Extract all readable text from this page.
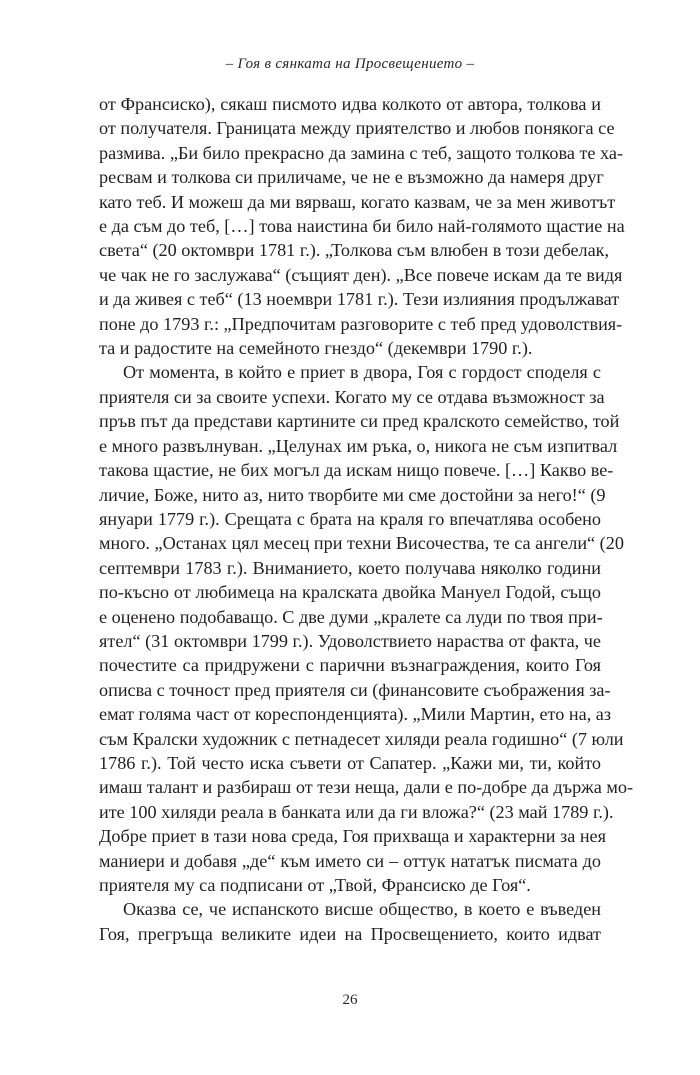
– Гоя в сянката на Просвещението –

от Франсиско), сякаш писмото идва колкото от автора, толкова и
от получателя. Границата между приятелство и любов понякога се
размива. „Би било прекрасно да замина с теб, защото толкова те ха-
ресвам и толкова си приличаме, че не е възможно да намеря друг
като теб. И можеш да ми вярваш, когато казвам, че за мен животът
е да съм до теб, […] това наистина би било най-голямото щастие на
света“ (20 октомври 1781 г.). „Толкова съм влюбен в този дебелак,
че чак не го заслужава“ (същият ден). „Все повече искам да те видя
и да живея с теб“ (13 ноември 1781 г.). Тези излияния продължават
поне до 1793 г.: „Предпочитам разговорите с теб пред удоволствия-
та и радостите на семейното гнездо“ (декември 1790 г.).

От момента, в който е приет в двора, Гоя с гордост споделя с
приятеля си за своите успехи. Когато му се отдава възможност за
пръв път да представи картините си пред кралското семейство, той
е много развълнуван. „Целунах им ръка, о, никога не съм изпитвал
такова щастие, не бих могъл да искам нищо повече. […] Какво ве-
личие, Боже, нито аз, нито творбите ми сме достойни за него!“ (9
януари 1779 г.). Срещата с брата на краля го впечатлява особено
много. „Останах цял месец при техни Височества, те са ангели“ (20
септември 1783 г.). Вниманието, което получава няколко години
по-късно от любимеца на кралската двойка Мануел Годой, също
е оценено подобаващо. С две думи „кралете са луди по твоя при-
ятел“ (31 октомври 1799 г.). Удоволствието нараства от факта, че
почестите са придружени с парични възнаграждения, които Гоя
описва с точност пред приятеля си (финансовите съображения за-
емат голяма част от кореспонденцията). „Мили Мартин, ето на, аз
съм Кралски художник с петнадесет хиляди реала годишно“ (7 юли
1786 г.). Той често иска съвети от Сапатер. „Кажи ми, ти, който
имаш талант и разбираш от тези неща, дали е по-добре да държа мо-
ите 100 хиляди реала в банката или да ги вложа?“ (23 май 1789 г.).
Добре приет в тази нова среда, Гоя прихваща и характерни за нея
маниери и добавя „де“ към името си – оттук нататък писмата до
приятеля му са подписани от „Твой, Франсиско де Гоя“.

Оказва се, че испанското висше общество, в което е въведен
Гоя, прегръща великите идеи на Просвещението, които идват

26
